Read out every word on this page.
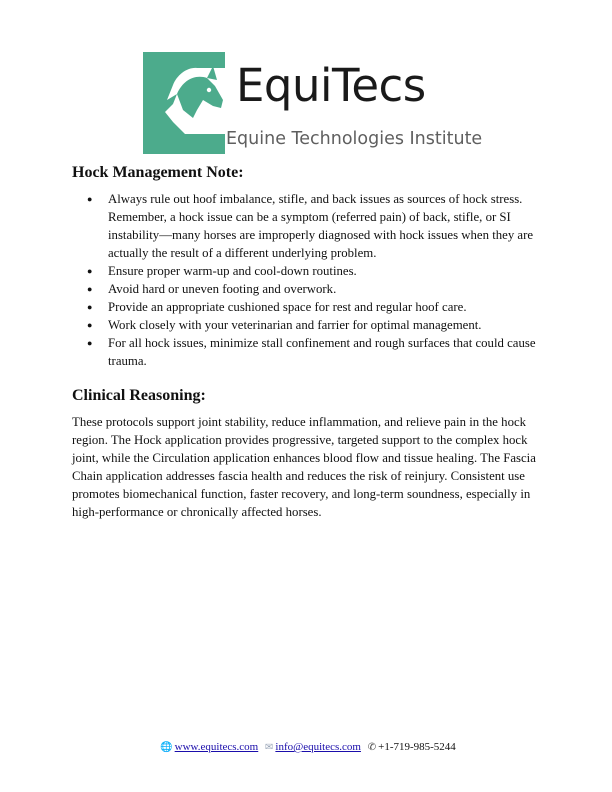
EquiTecs
Equine Technologies Institute
Hock Management Note:
● Always rule out hoof imbalance, stifle, and back issues as sources of hock stress. Remember, a hock issue can be a symptom (referred pain) of back, stifle, or SI instability—many horses are improperly diagnosed with hock issues when they are actually the result of a different underlying problem.
● Ensure proper warm-up and cool-down routines.
● Avoid hard or uneven footing and overwork.
● Provide an appropriate cushioned space for rest and regular hoof care.
● Work closely with your veterinarian and farrier for optimal management.
● For all hock issues, minimize stall confinement and rough surfaces that could cause trauma.
Clinical Reasoning:

These protocols support joint stability, reduce inflammation, and relieve pain in the hock region. The Hock application provides progressive, targeted support to the complex hock joint, while the Circulation application enhances blood flow and tissue healing. The Fascia Chain application addresses fascia health and reduces the risk of reinjury. Consistent use promotes biomechanical function, faster recovery, and long-term soundness, especially in high-performance or chronically affected horses.

🌐 www.equitecs.com ✉ info@equitecs.com ✆ +1-719-985-5244
